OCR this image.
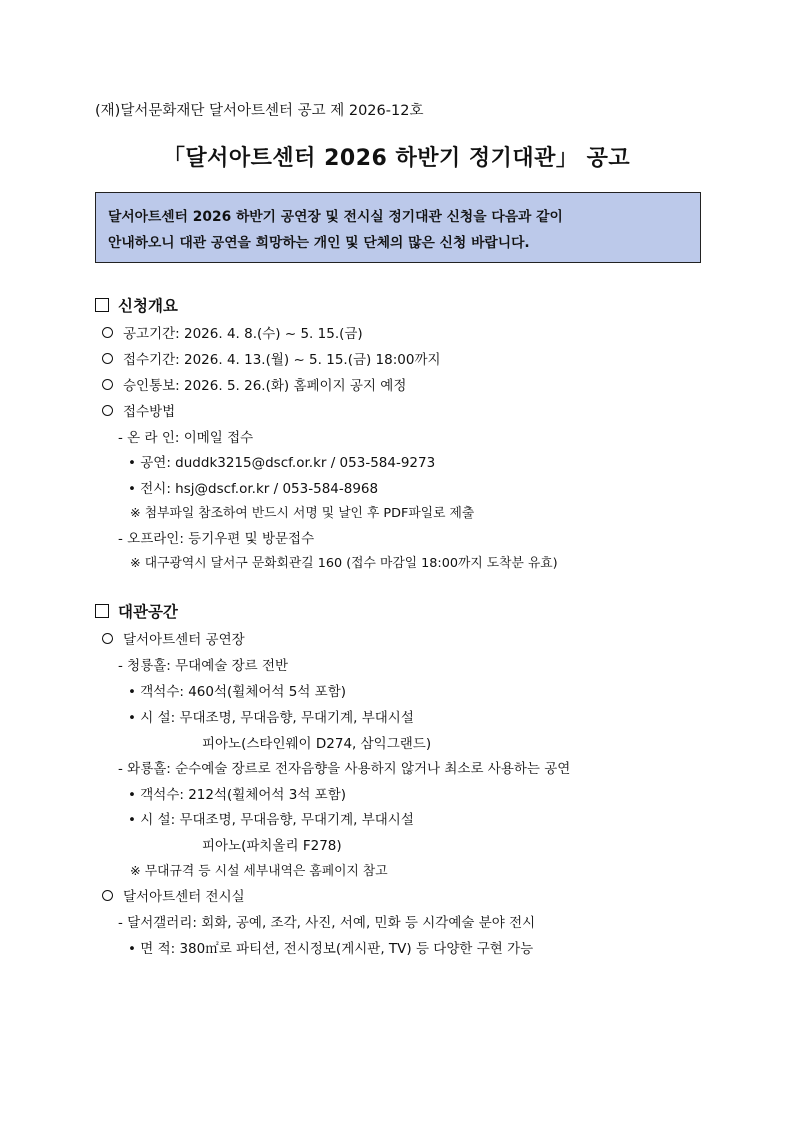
(재)달서문화재단 달서아트센터 공고 제 2026-12호
「달서아트센터 2026 하반기 정기대관」 공고
달서아트센터 2026 하반기 공연장 및 전시실 정기대관 신청을 다음과 같이
안내하오니 대관 공연을 희망하는 개인 및 단체의 많은 신청 바랍니다.
신청개요
공고기간: 2026. 4. 8.(수) ~ 5. 15.(금)
접수기간: 2026. 4. 13.(월) ~ 5. 15.(금) 18:00까지
승인통보: 2026. 5. 26.(화) 홈페이지 공지 예정
접수방법
- 온 라 인: 이메일 접수
• 공연: duddk3215@dscf.or.kr / 053-584-9273
• 전시: hsj@dscf.or.kr / 053-584-8968
※ 첨부파일 참조하여 반드시 서명 및 날인 후 PDF파일로 제출
- 오프라인: 등기우편 및 방문접수
※ 대구광역시 달서구 문화회관길 160 (접수 마감일 18:00까지 도착분 유효)
대관공간
달서아트센터 공연장
- 청룡홀: 무대예술 장르 전반
• 객석수: 460석(휠체어석 5석 포함)
• 시 설: 무대조명, 무대음향, 무대기계, 부대시설
피아노(스타인웨이 D274, 삼익그랜드)
- 와룡홀: 순수예술 장르로 전자음향을 사용하지 않거나 최소로 사용하는 공연
• 객석수: 212석(휠체어석 3석 포함)
• 시 설: 무대조명, 무대음향, 무대기계, 부대시설
피아노(파치올리 F278)
※ 무대규격 등 시설 세부내역은 홈페이지 참고
달서아트센터 전시실
- 달서갤러리: 회화, 공예, 조각, 사진, 서예, 민화 등 시각예술 분야 전시
• 면 적: 380㎡로 파티션, 전시정보(게시판, TV) 등 다양한 구현 가능
